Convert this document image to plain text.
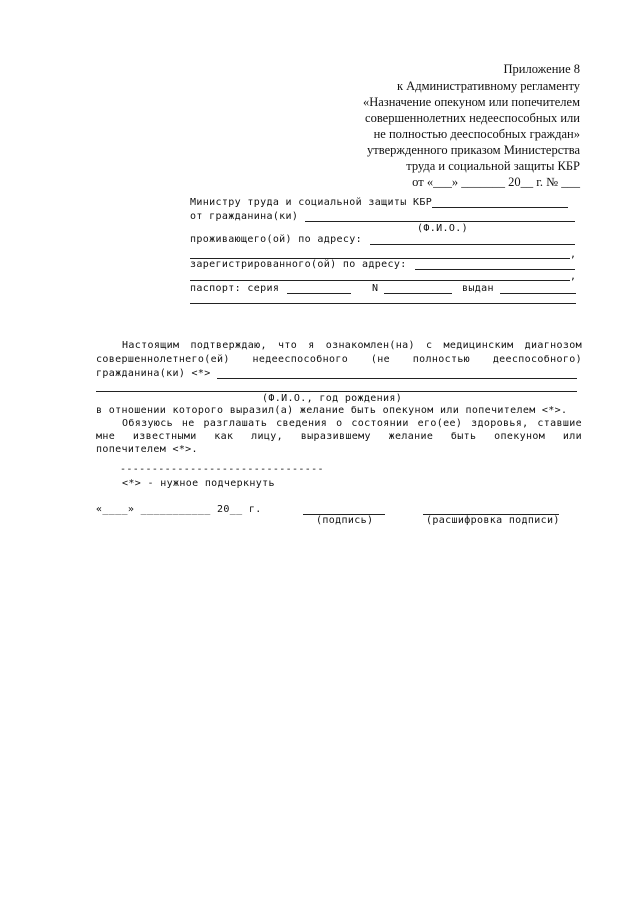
Приложение 8
к Административному регламенту
«Назначение опекуном или попечителем
совершеннолетних недееспособных или
не полностью дееспособных граждан»
утвержденного приказом Министерства
труда и социальной защиты КБР
от «___» _______ 20__ г. № ___
Министру труда и социальной защиты КБР
от гражданина(ки)
(Ф.И.О.)
проживающего(ой) по адресу:
,
зарегистрированного(ой) по адресу:
,
паспорт: серия	N	выдан
Настоящим подтверждаю, что я ознакомлен(на) с медицинским диагнозом
совершеннолетнего(ей) недееспособного (не полностью дееспособного)
гражданина(ки) <*>
(Ф.И.О., год рождения)
в отношении которого выразил(а) желание быть опекуном или попечителем <*>.
Обязуюсь не разглашать сведения о состоянии его(ее) здоровья, ставшие
мне известными как лицу, выразившему желание быть опекуном или
попечителем <*>.
--------------------------------
<*> - нужное подчеркнуть
«____» ___________ 20__ г.
(подпись)	(расшифровка подписи)
